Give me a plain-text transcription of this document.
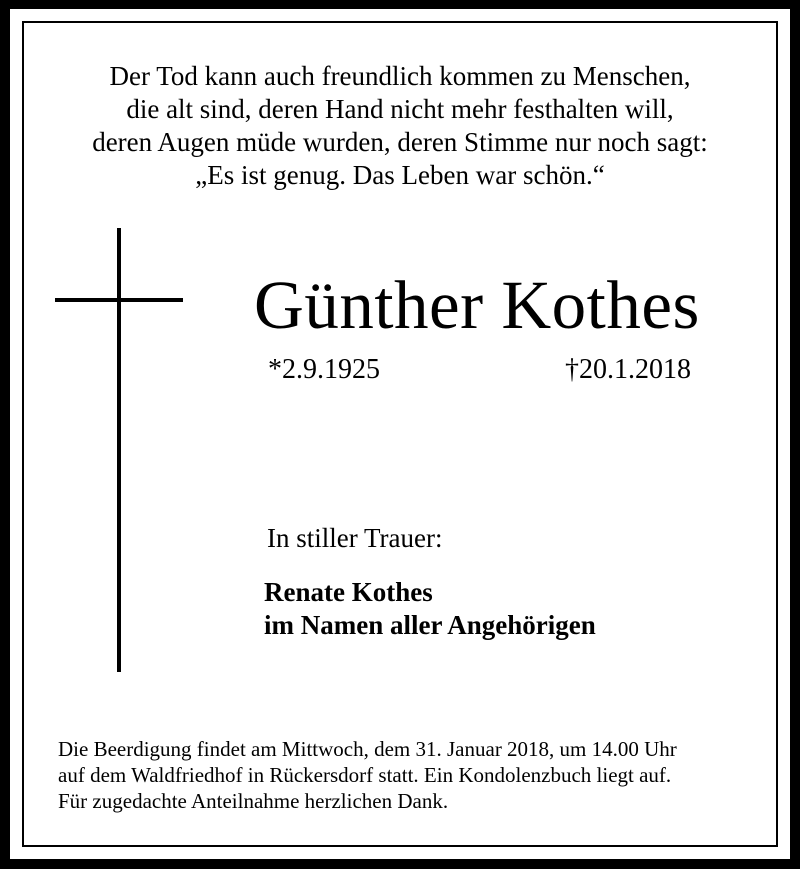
Der Tod kann auch freundlich kommen zu Menschen,
die alt sind, deren Hand nicht mehr festhalten will,
deren Augen müde wurden, deren Stimme nur noch sagt:
„Es ist genug. Das Leben war schön.“
Günther Kothes
*2.9.1925	†20.1.2018
In stiller Trauer:
Renate Kothes
im Namen aller Angehörigen
Die Beerdigung findet am Mittwoch, dem 31. Januar 2018, um 14.00 Uhr
auf dem Waldfriedhof in Rückersdorf statt. Ein Kondolenzbuch liegt auf.
Für zugedachte Anteilnahme herzlichen Dank.
